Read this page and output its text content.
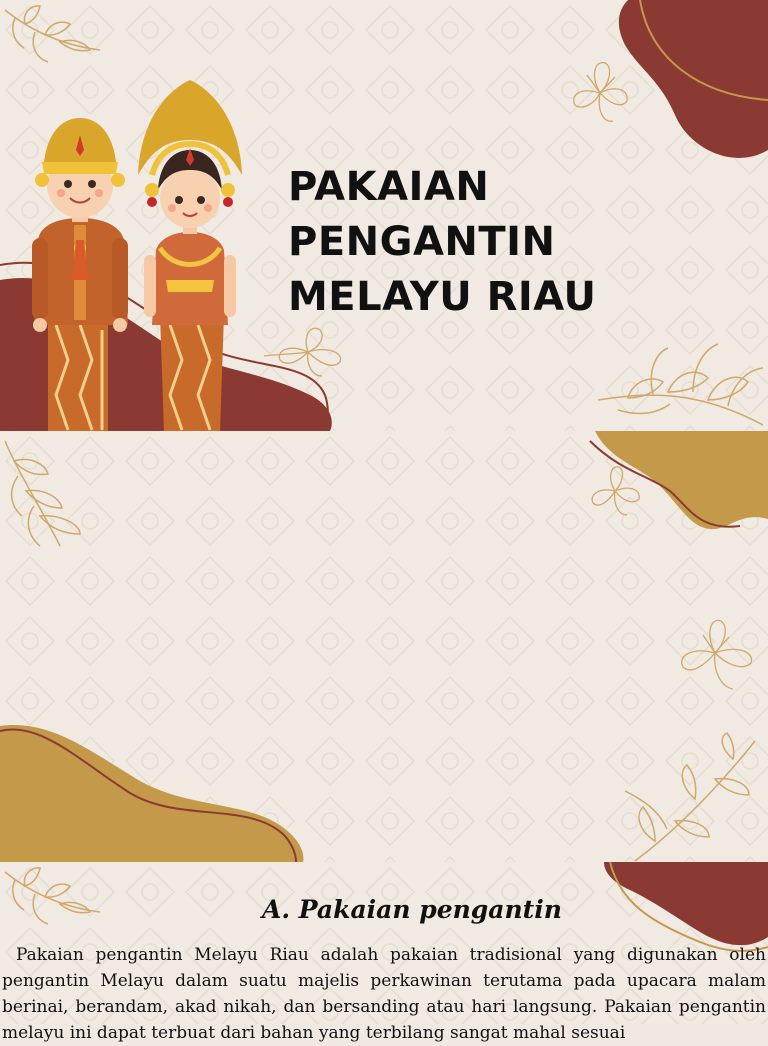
PAKAIAN
PENGANTIN
MELAYU RIAU
A. Pakaian pengantin

Pakaian pengantin Melayu Riau adalah pakaian tradisional yang digunakan oleh pengantin Melayu dalam suatu majelis perkawinan terutama pada upacara malam berinai, berandam, akad nikah, dan bersanding atau hari langsung. Pakaian pengantin melayu ini dapat terbuat dari bahan yang terbilang sangat mahal sesuai
